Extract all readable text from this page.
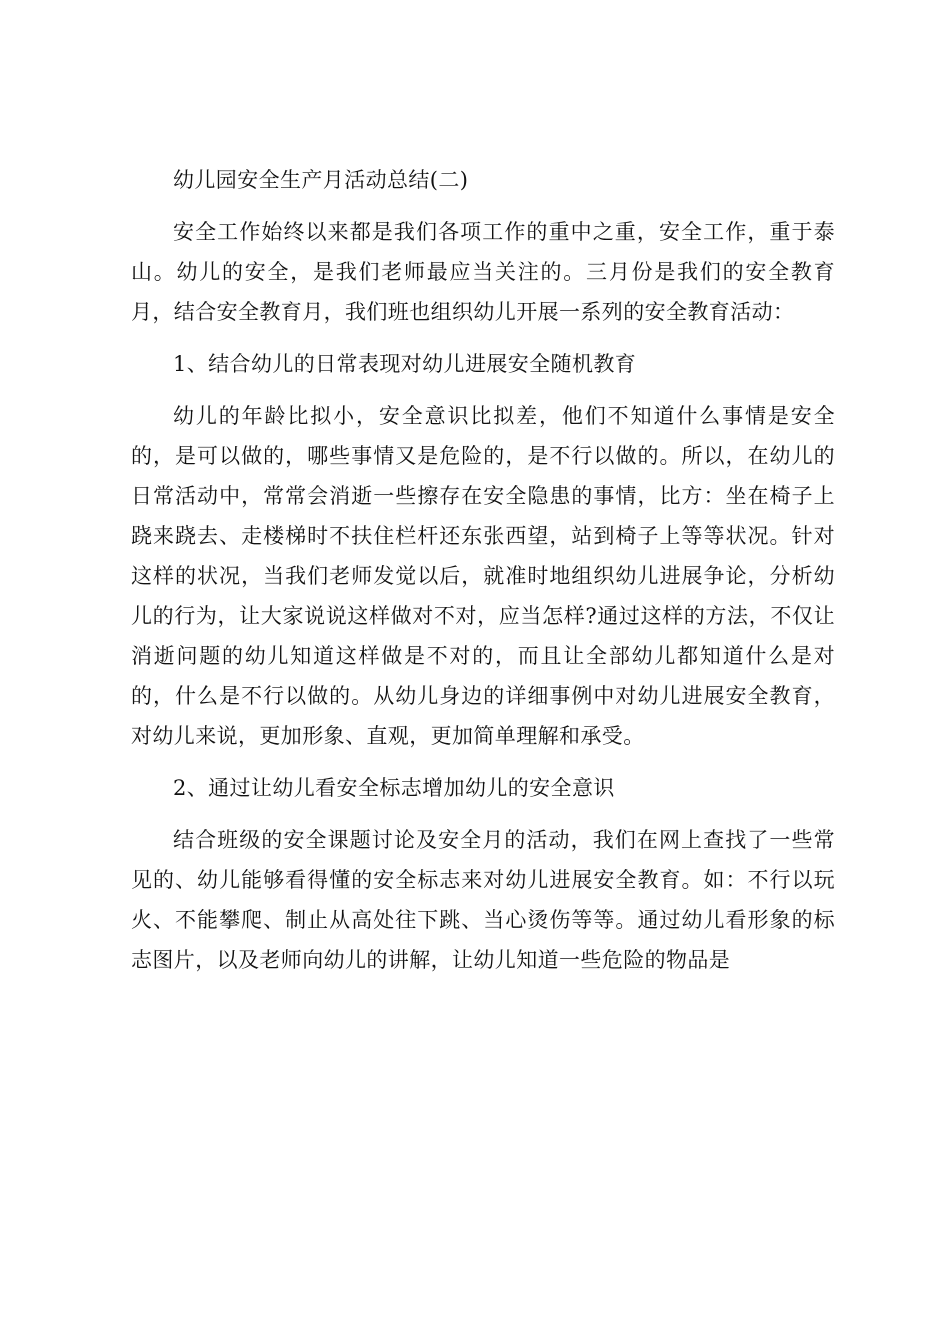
幼儿园安全生产月活动总结(二)

安全工作始终以来都是我们各项工作的重中之重，安全工作，重于泰山。幼儿的安全，是我们老师最应当关注的。三月份是我们的安全教育月，结合安全教育月，我们班也组织幼儿开展一系列的安全教育活动：

1、结合幼儿的日常表现对幼儿进展安全随机教育

幼儿的年龄比拟小，安全意识比拟差，他们不知道什么事情是安全的，是可以做的，哪些事情又是危险的，是不行以做的。所以，在幼儿的日常活动中，常常会消逝一些擦存在安全隐患的事情，比方：坐在椅子上跷来跷去、走楼梯时不扶住栏杆还东张西望，站到椅子上等等状况。针对这样的状况，当我们老师发觉以后，就准时地组织幼儿进展争论，分析幼儿的行为，让大家说说这样做对不对，应当怎样?通过这样的方法，不仅让消逝问题的幼儿知道这样做是不对的，而且让全部幼儿都知道什么是对的，什么是不行以做的。从幼儿身边的详细事例中对幼儿进展安全教育，对幼儿来说，更加形象、直观，更加简单理解和承受。

2、通过让幼儿看安全标志增加幼儿的安全意识

结合班级的安全课题讨论及安全月的活动，我们在网上查找了一些常见的、幼儿能够看得懂的安全标志来对幼儿进展安全教育。如：不行以玩火、不能攀爬、制止从高处往下跳、当心烫伤等等。通过幼儿看形象的标志图片，以及老师向幼儿的讲解，让幼儿知道一些危险的物品是
